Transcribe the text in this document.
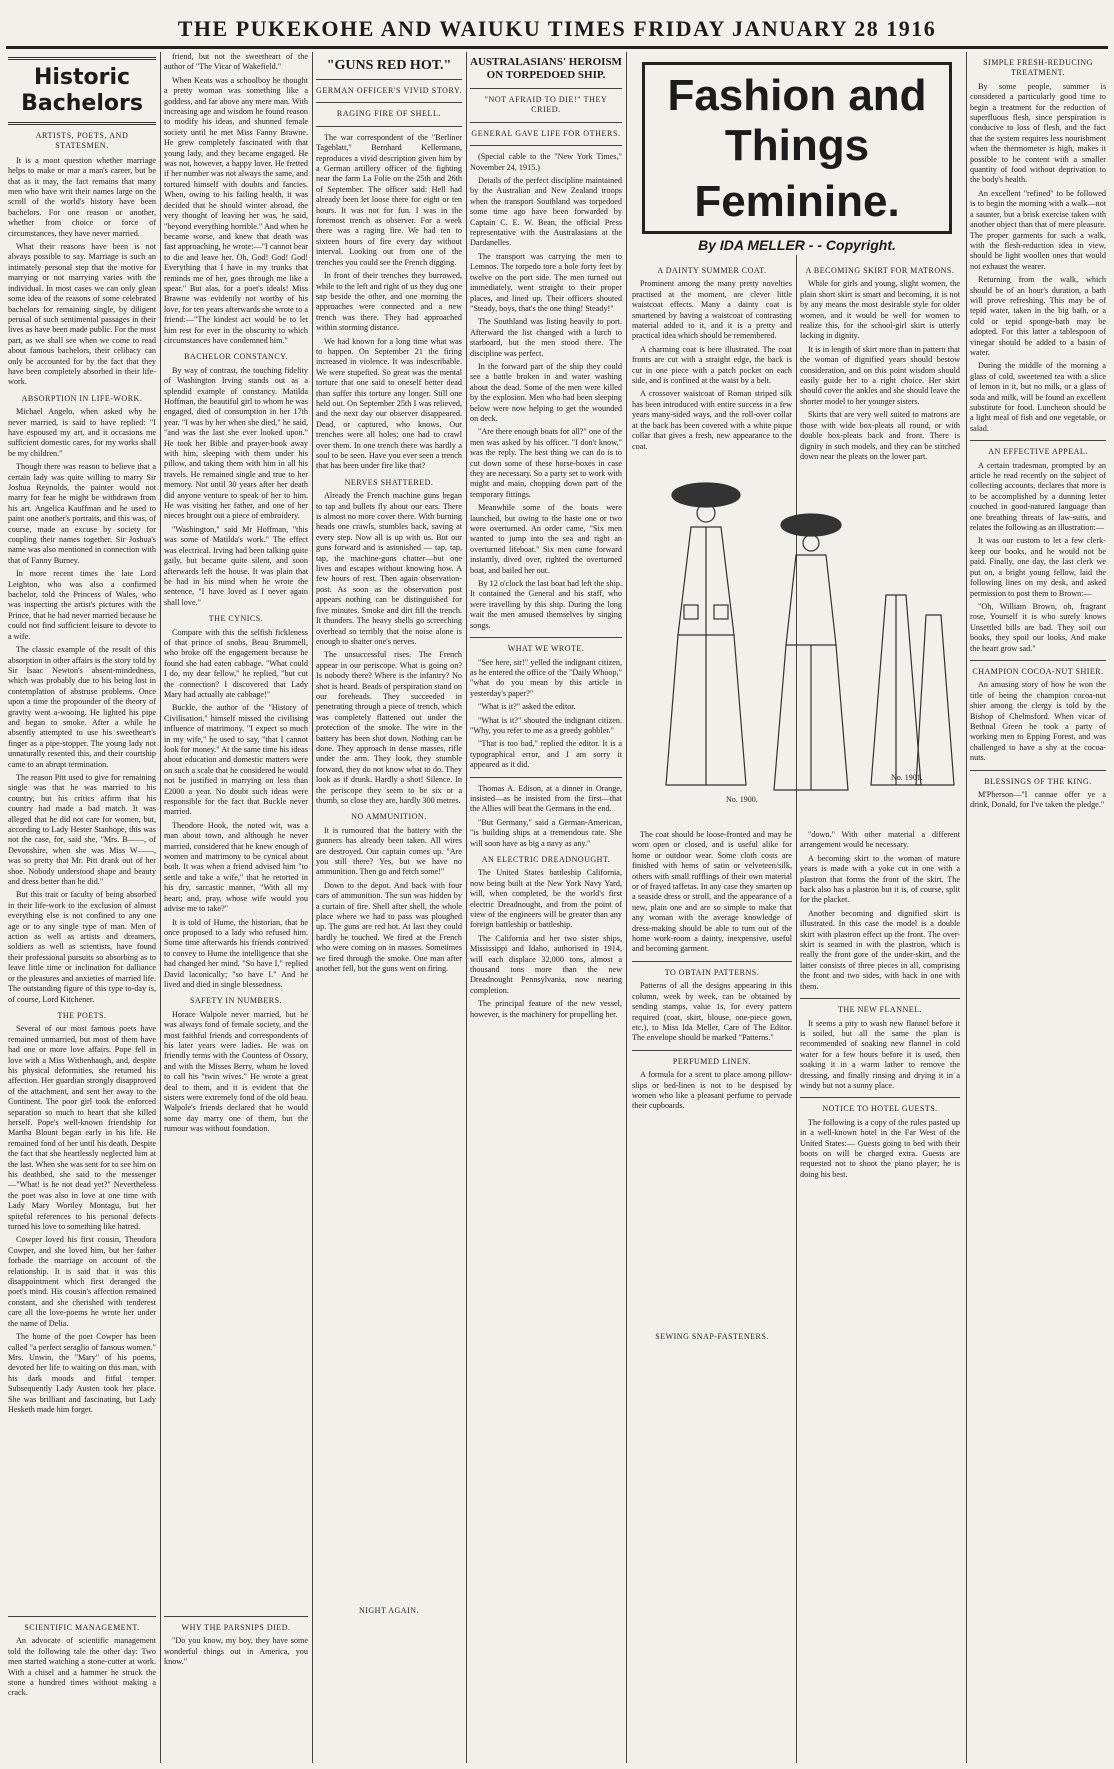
THE PUKEKOHE AND WAIUKU TIMES FRIDAY JANUARY 28 1916
Historic Bachelors
ARTISTS, POETS, AND STATESMEN.

It is a moot question whether marriage helps to make or mar a man's career, but be that as it may, the fact remains that many men who have writ their names large on the scroll of the world's history have been bachelors. For one reason or another, whether from choice or force of circumstances, they have never married.

What their reasons have been is not always possible to say. Marriage is such an intimately personal step that the motive for marrying or not marrying varies with the individual. In most cases we can only glean some idea of the reasons of some celebrated bachelors for remaining single, by diligent perusal of such sentimental passages in their lives as have been made public. For the most part, as we shall see when we come to read about famous bachelors, their celibacy can only be accounted for by the fact that they have been completely absorbed in their life-work.

ABSORPTION IN LIFE-WORK.

Michael Angelo, when asked why he never married, is said to have replied: "I have espoused my art, and it occasions me sufficient domestic cares, for my works shall be my children."

Though there was reason to believe that a certain lady was quite willing to marry Sir Joshua Reynolds, the painter would not marry for fear he might be withdrawn from his art. Angelica Kauffman and he used to paint one another's portraits, and this was, of course, made an excuse by society for coupling their names together. Sir Joshua's name was also mentioned in connection with that of Fanny Burney.

In more recent times the late Lord Leighton, who was also a confirmed bachelor, told the Princess of Wales, who was inspecting the artist's pictures with the Prince, that he had never married because he could not find sufficient leisure to devote to a wife.

The classic example of the result of this absorption in other affairs is the story told by Sir Isaac Newton's absent-mindedness, which was probably due to his being lost in contemplation of abstruse problems. Once upon a time the propounder of the theory of gravity went a-wooing. He lighted his pipe and began to smoke. After a while he absently attempted to use his sweetheart's finger as a pipe-stopper. The young lady not unnaturally resented this, and their courtship came to an abrupt termination.

The reason Pitt used to give for remaining single was that he was married to his country, but his critics affirm that his country had made a bad match. It was alleged that he did not care for women, but, according to Lady Hester Stanhope, this was not the case, for, said she, "Mrs. B——, of Devonshire, when she was Miss W——, was so pretty that Mr. Pitt drank out of her shoe. Nobody understood shape and beauty and dress better than he did."

But this trait or faculty of being absorbed in their life-work to the exclusion of almost everything else is not confined to any one age or to any single type of man. Men of action as well as artists and dreamers, soldiers as well as scientists, have found their professional pursuits so absorbing as to leave little time or inclination for dalliance or the pleasures and anxieties of married life. The outstanding figure of this type to-day is, of course, Lord Kitchener.

THE POETS.

Several of our most famous poets have remained unmarried, but most of them have had one or more love affairs. Pope fell in love with a Miss Withenhaugh, and, despite his physical deformities, she returned his affection. Her guardian strongly disapproved of the attachment, and sent her away to the Continent. The poor girl took the enforced separation so much to heart that she killed herself. Pope's well-known friendship for Martha Blount began early in his life. He remained fond of her until his death. Despite the fact that she heartlessly neglected him at the last. When she was sent for to see him on his deathbed, she said to the messenger—"What! is he not dead yet?" Nevertheless the poet was also in love at one time with Lady Mary Wortley Montagu, but her spiteful references to his personal defects turned his love to something like hatred.

Cowper loved his first cousin, Theodora Cowper, and she loved him, but her father forbade the marriage on account of the relationship. It is said that it was this disappointment which first deranged the poet's mind. His cousin's affection remained constant, and she cherished with tenderest care all the love-poems he wrote her under the name of Delia.

The home of the poet Cowper has been called "a perfect seraglio of famous women." Mrs. Unwin, the "Mary" of his poems, devoted her life to waiting on this man, with his dark moods and fitful temper. Subsequently Lady Austen took her place. She was brilliant and fascinating, but Lady Hesketh made him forget.

SCIENTIFIC MANAGEMENT.

An advocate of scientific management told the following tale the other day: Two men started watching a stone-cutter at work. With a chisel and a hammer he struck the stone a hundred times without making a crack.

friend, but not the sweetheart of the author of "The Vicar of Wakefield."

When Keats was a schoolboy he thought a pretty woman was something like a goddess, and far above any mere man. With increasing age and wisdom he found reason to modify his ideas, and shunned female society until he met Miss Fanny Brawne. He grew completely fascinated with that young lady, and they became engaged. He was not, however, a happy lover. He fretted if her number was not always the same, and tortured himself with doubts and fancies. When, owing to his failing health, it was decided that he should winter abroad, the very thought of leaving her was, he said, "beyond everything horrible." And when he became worse, and knew that death was fast approaching, he wrote:—"I cannot bear to die and leave her. Oh, God! God! God! Everything that I have in my trunks that reminds me of her, goes through me like a spear." But alas, for a poet's ideals! Miss Brawne was evidently not worthy of his love, for ten years afterwards she wrote to a friend:—"The kindest act would be to let him rest for ever in the obscurity to which circumstances have condemned him."

BACHELOR CONSTANCY.

By way of contrast, the touching fidelity of Washington Irving stands out as a splendid example of constancy. Matilda Hoffman, the beautiful girl to whom he was engaged, died of consumption in her 17th year. "I was by her when she died," he said, "and was the last she ever looked upon." He took her Bible and prayer-book away with him, sleeping with them under his pillow, and taking them with him in all his travels. He remained single and true to her memory. Not until 30 years after her death did anyone venture to speak of her to him. He was visiting her father, and one of her nieces brought out a piece of embroidery.

"Washington," said Mr Hoffman, "this was some of Matilda's work." The effect was electrical. Irving had been talking quite gaily, but became quite silent, and soon afterwards left the house. It was plain that he had in his mind when he wrote the sentence, "I have loved as I never again shall love."

THE CYNICS.

Compare with this the selfish fickleness of that prince of snobs, Beau Brummell, who broke off the engagement because he found she had eaten cabbage. "What could I do, my dear fellow," he replied, "but cut the connection? I discovered that Lady Mary had actually ate cabbage!"

Buckle, the author of the "History of Civilisation," himself missed the civilising influence of matrimony. "I expect so much in my wife," he used to say, "that I cannot look for money." At the same time his ideas about education and domestic matters were on such a scale that he considered he would not be justified in marrying on less than £2000 a year. No doubt such ideas were responsible for the fact that Buckle never married.

Theodore Hook, the noted wit, was a man about town, and although he never married, considered that he knew enough of women and matrimony to be cynical about both. It was when a friend advised him "to settle and take a wife," that he retorted in his dry, sarcastic manner, "With all my heart; and, pray, whose wife would you advise me to take?"

It is told of Hume, the historian, that he once proposed to a lady who refused him. Some time afterwards his friends contrived to convey to Hume the intelligence that she had changed her mind. "So have I," replied David laconically; "so have I." And he lived and died in single blessedness.

SAFETY IN NUMBERS.

Horace Walpole never married, but he was always fond of female society, and the most faithful friends and correspondents of his later years were ladies. He was on friendly terms with the Countess of Ossory, and with the Misses Berry, whom he loved to call his "twin wives." He wrote a great deal to them, and it is evident that the sisters were extremely fond of the old beau. Walpole's friends declared that he would some day marry one of them, but the rumour was without foundation.

WHY THE PARSNIPS DIED.

"Do you know, my boy, they have some wonderful things out in America, you know."

"GUNS RED HOT."
GERMAN OFFICER'S VIVID STORY.
RAGING FIRE OF SHELL.

The war correspondent of the "Berliner Tageblatt," Bernhard Kellermann, reproduces a vivid description given him by a German artillery officer of the fighting near the farm La Folie on the 25th and 26th of September. The officer said: Hell had already been let loose there for eight or ten hours. It was not for fun. I was in the foremost trench as observer. For a week there was a raging fire. We had ten to sixteen hours of fire every day without interval. Looking out from one of the trenches you could see the French digging.

In front of their trenches they burrowed, while to the left and right of us they dug one sap beside the other, and one morning the approaches were connected and a new trench was there. They had approached within storming distance.

We had known for a long time what was to happen. On September 21 the firing increased in violence. It was indescribable. We were stupefied. So great was the mental torture that one said to oneself better dead than suffer this torture any longer. Still one held out. On September 25th I was relieved, and the next day our observer disappeared. Dead, or captured, who knows. Our trenches were all holes; one had to crawl over them. In one trench there was hardly a soul to be seen. Have you ever seen a trench that has been under fire like that?

NERVES SHATTERED.

Already the French machine guns began to tap and bullets fly about our ears. There is almost no more cover there. With burning heads one crawls, stumbles back, saving at every step. Now all is up with us. But our guns forward and is astonished — tap, tap, tap, the machine-guns chatter—but one lives and escapes without knowing how. A few hours of rest. Then again observation-post. As soon as the observation post appears nothing can be distinguished for five minutes. Smoke and dirt fill the trench. It thunders. The heavy shells go screeching overhead so terribly that the noise alone is enough to shatter one's nerves.

The unsuccessful rises. The French appear in our periscope. What is going on? Is nobody there? Where is the infantry? No shot is heard. Beads of perspiration stand on our foreheads. They succeeded in penetrating through a piece of trench, which was completely flattened out under the protection of the smoke. The wire in the battery has been shot down. Nothing can be done. They approach in dense masses, rifle under the arm. They look, they stumble forward, they do not know what to do. They look as if drunk. Hardly a shot! Silence. In the periscope they seem to be six or a thumb, so close they are, hardly 300 metres.

NO AMMUNITION.

It is rumoured that the battery with the gunners has already been taken. All wires are destroyed. Our captain comes up. "Are you still there? Yes, but we have no ammunition. Then go and fetch some!"

Down to the depot. And back with four cars of ammunition. The sun was hidden by a curtain of fire. Shell after shell, the whole place where we had to pass was ploughed up. The guns are red hot. At last they could hardly be touched. We fired at the French who were coming on in masses. Sometimes we fired through the smoke. One man after another fell, but the guns went on firing.

NIGHT AGAIN.
AUSTRALASIANS' HEROISM ON TORPEDOED SHIP.
"NOT AFRAID TO DIE!" THEY CRIED.
GENERAL GAVE LIFE FOR OTHERS.

(Special cable to the "New York Times," November 24, 1915.)

Details of the perfect discipline maintained by the Australian and New Zealand troops when the transport Southland was torpedoed some time ago have been forwarded by Captain C. E. W. Bean, the official Press representative with the Australasians at the Dardanelles.

The transport was carrying the men to Lemnos. The torpedo tore a hole forty feet by twelve on the port side. The men turned out immediately, went straight to their proper places, and lined up. Their officers shouted "Steady, boys, that's the one thing! Steady!"

The Southland was listing heavily to port. Afterward the list changed with a lurch to starboard, but the men stood there. The discipline was perfect.

In the forward part of the ship they could see a battle broken in and water washing about the dead. Some of the men were killed by the explosion. Men who had been sleeping below were now helping to get the wounded on deck.

"Are there enough boats for all?" one of the men was asked by his officer. "I don't know," was the reply. The best thing we can do is to cut down some of these horse-boxes in case they are necessary. So a party set to work with might and main, chopping down part of the temporary fittings.

Meanwhile some of the boats were launched, but owing to the haste one or two were overturned. An order came, "Six men wanted to jump into the sea and right an overturned lifeboat." Six men came forward instantly, dived over, righted the overturned boat, and bailed her out.

By 12 o'clock the last boat had left the ship. It contained the General and his staff, who were travelling by this ship. During the long wait the men amused themselves by singing songs.

WHAT WE WROTE.

"See here, sir!" yelled the indignant citizen, as he entered the office of the "Daily Whoop," "what do you mean by this article in yesterday's paper?"

"What is it?" asked the editor.

"What is it?" shouted the indignant citizen. "Why, you refer to me as a greedy gobbler."

"That is too bad," replied the editor. It is a typographical error, and I am sorry it appeared as it did.

Thomas A. Edison, at a dinner in Orange, insisted—as he insisted from the first—that the Allies will beat the Germans in the end.

"But Germany," said a German-American, "is building ships at a tremendous rate. She will soon have as big a navy as any."

AN ELECTRIC DREADNOUGHT.

The United States battleship California, now being built at the New York Navy Yard, will, when completed, be the world's first electric Dreadnought, and from the point of view of the engineers will be greater than any foreign battleship or battleship.

The California and her two sister ships, Mississippi and Idaho, authorised in 1914, will each displace 32,000 tons, almost a thousand tons more than the new Dreadnought Pennsylvania, now nearing completion.

The principal feature of the new vessel, however, is the machinery for propelling her.

Fashion and Things
Feminine.
By IDA MELLER - - Copyright.
A DAINTY SUMMER COAT.

Prominent among the many pretty novelties practised at the moment, are clever little waistcoat effects. Many a dainty coat is smartened by having a waistcoat of contrasting material added to it, and it is a pretty and practical idea which should be remembered.

A charming coat is here illustrated. The coat fronts are cut with a straight edge, the back is cut in one piece with a patch pocket on each side, and is confined at the waist by a belt.

A crossover waistcoat of Roman striped silk has been introduced with entire success in a few years many-sided ways, and the roll-over collar at the back has been covered with a white pique collar that gives a fresh, new appearance to the coat.

The coat should be loose-fronted and may be worn open or closed, and is useful alike for home or outdoor wear. Some cloth costs are finished with hems of satin or velveteen/silk, others with small rufflings of their own material or of frayed taffetas. In any case they smarten up a seaside dress or stroll, and the appearance of a new, plain one and are so simple to make that any woman with the average knowledge of dress-making should be able to turn out of the home work-room a dainty, inexpensive, useful and becoming garment.

TO OBTAIN PATTERNS.

Patterns of all the designs appearing in this column, week by week, can be obtained by sending stamps, value 1s, for every pattern required (coat, skirt, blouse, one-piece gown, etc.), to Miss Ida Meller, Care of The Editor. The envelope should be marked "Patterns."

PERFUMED LINEN.

A formula for a scent to place among pillow-slips or bed-linen is not to be despised by women who like a pleasant perfume to pervade their cupboards.

SEWING SNAP-FASTENERS.
A BECOMING SKIRT FOR MATRONS.

While for girls and young, slight women, the plain short skirt is smart and becoming, it is not by any means the most desirable style for older women, and it would be well for women to realize this, for the school-girl skirt is utterly lacking in dignity.

It is in length of skirt more than in pattern that the woman of dignified years should bestow consideration, and on this point wisdom should easily guide her to a right choice. Her skirt should cover the ankles and she should leave the shorter model to her younger sisters.

Skirts that are very well suited to matrons are those with wide box-pleats all round, or with double box-pleats back and front. There is dignity in such models, and they can be stitched down near the pleats on the lower part.

"down." With other material a different arrangement would be necessary.

A becoming skirt to the woman of mature years is made with a yoke cut in one with a plastron that forms the front of the skirt. The back also has a plastron but it is, of course, split for the placket.

Another becoming and dignified skirt is illustrated. In this case the model is a double skirt with plastron effect up the front. The over-skirt is seamed in with the plastron, which is really the front gore of the under-skirt, and the latter consists of three pieces in all, comprising the front and two sides, with back in one with them.

THE NEW FLANNEL.

It seems a pity to wash new flannel before it is soiled, but all the same the plan is recommended of soaking new flannel in cold water for a few hours before it is used, then soaking it in a warm lather to remove the dressing, and finally rinsing and drying it in a windy but not a sunny place.

NOTICE TO HOTEL GUESTS.

The following is a copy of the rules pasted up in a well-known hotel in the Far West of the United States:— Guests going to bed with their boots on will be charged extra. Guests are requested not to shoot the piano player; he is doing his best.

No. 1900.
No. 1901.
SIMPLE FRESH-REDUCING TREATMENT.

By some people, summer is considered a particularly good time to begin a treatment for the reduction of superfluous flesh, since perspiration is conducive to loss of flesh, and the fact that the system requires less nourishment when the thermometer is high, makes it possible to be content with a smaller quantity of food without deprivation to the body's health.

An excellent "refined" to be followed is to begin the morning with a walk—not a saunter, but a brisk exercise taken with another object than that of mere pleasure. The proper garments for such a walk, with the flesh-reduction idea in view, should be light woollen ones that would not exhaust the wearer.

Returning from the walk, which should be of an hour's duration, a bath will prove refreshing. This may be of tepid water, taken in the big bath, or a cold or tepid sponge-bath may be adopted. For this latter a tablespoon of vinegar should be added to a basin of water.

During the middle of the morning a glass of cold, sweetened tea with a slice of lemon in it, but no milk, or a glass of soda and milk, will be found an excellent substitute for food. Luncheon should be a light meal of fish and one vegetable, or salad.

AN EFFECTIVE APPEAL.

A certain tradesman, prompted by an article he read recently on the subject of collecting accounts, declares that more is to be accomplished by a dunning letter couched in good-natured language than one breathing threats of law-suits, and relates the following as an illustration:—

It was our custom to let a few clerk-keep our books, and he would not be paid. Finally, one day, the last clerk we put on, a bright young fellow, laid the following lines on my desk, and asked permission to post them to Brown:—

"Oh, William Brown, oh, fragrant rose, Yourself it is who surely knows Unsettled bills are bad. They soil our books, they spoil our looks, And make the heart grow sad."

CHAMPION COCOA-NUT SHIER.

An amusing story of how he won the title of being the champion cocoa-nut shier among the clergy is told by the Bishop of Chelmsford. When vicar of Bethnal Green he took a party of working men to Epping Forest, and was challenged to have a shy at the cocoa-nuts.

BLESSINGS OF THE KING.

M'Pherson—"I cannae offer ye a drink, Donald, for I've taken the pledge."
